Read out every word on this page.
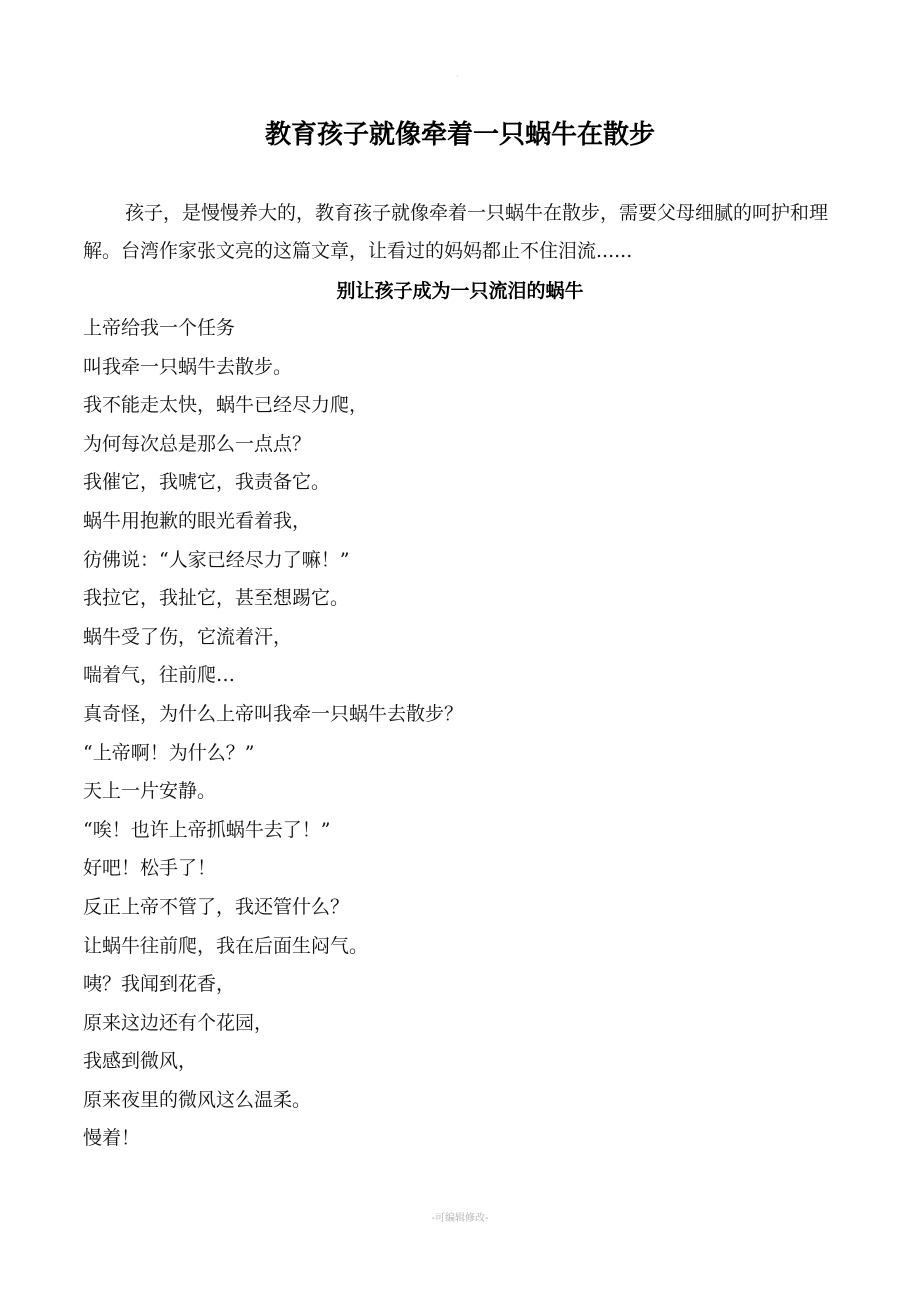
·
教育孩子就像牵着一只蜗牛在散步

孩子，是慢慢养大的，教育孩子就像牵着一只蜗牛在散步，需要父母细腻的呵护和理解。台湾作家张文亮的这篇文章，让看过的妈妈都止不住泪流......

别让孩子成为一只流泪的蜗牛
上帝给我一个任务
叫我牵一只蜗牛去散步。
我不能走太快，蜗牛已经尽力爬，
为何每次总是那么一点点？
我催它，我唬它，我责备它。
蜗牛用抱歉的眼光看着我，
彷佛说：“人家已经尽力了嘛！”
我拉它，我扯它，甚至想踢它。
蜗牛受了伤，它流着汗，
喘着气，往前爬…
真奇怪，为什么上帝叫我牵一只蜗牛去散步？
“上帝啊！为什么？”
天上一片安静。
“唉！也许上帝抓蜗牛去了！”
好吧！松手了！
反正上帝不管了，我还管什么？
让蜗牛往前爬，我在后面生闷气。
咦？我闻到花香，
原来这边还有个花园，
我感到微风，
原来夜里的微风这么温柔。
慢着！
-可编辑修改-
